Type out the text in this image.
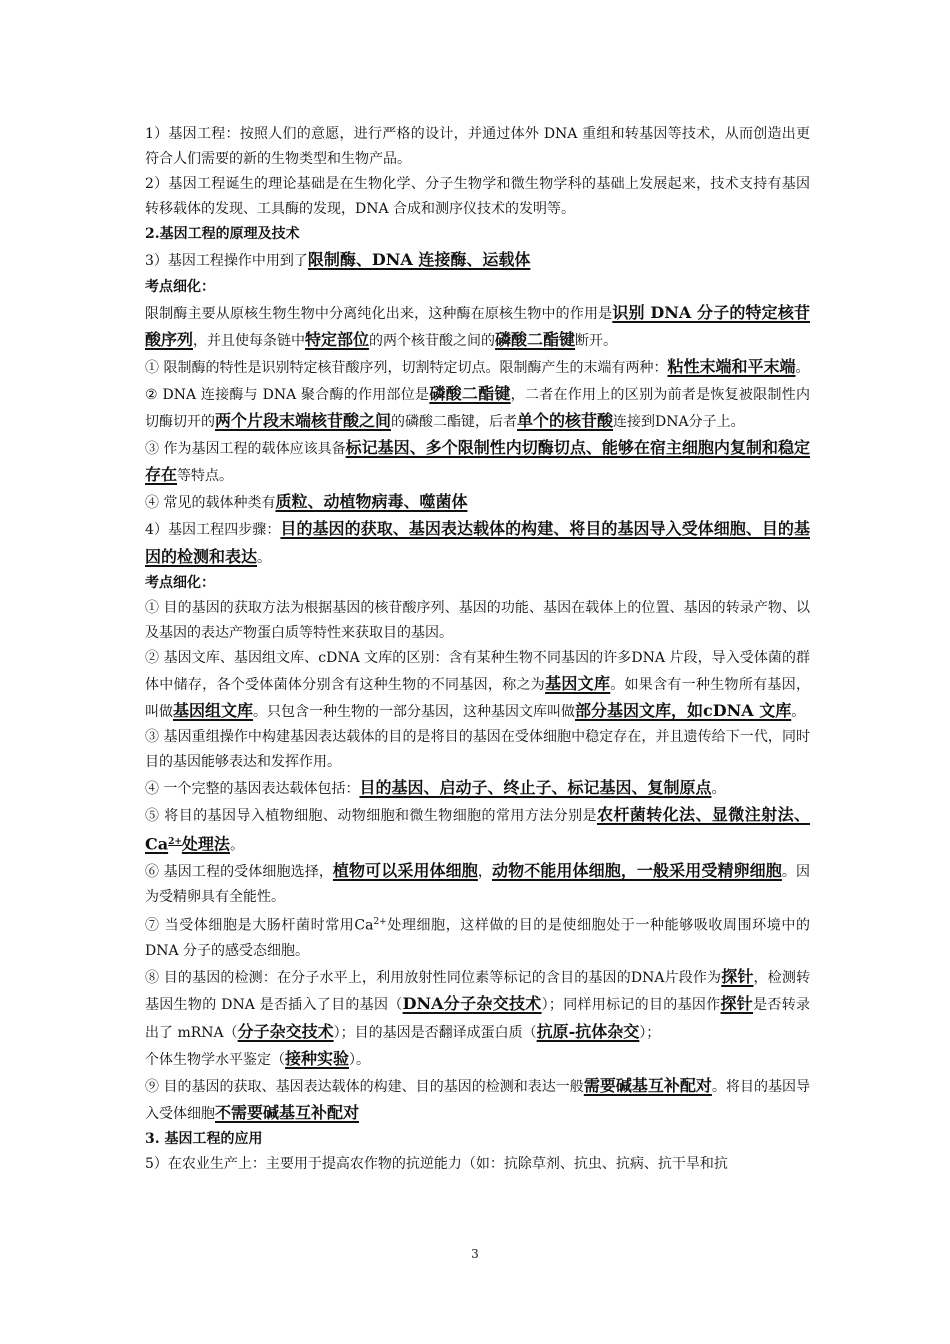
1）基因工程：按照人们的意愿，进行严格的设计，并通过体外 DNA 重组和转基因等技术，从而创造出更符合人们需要的新的生物类型和生物产品。

2）基因工程诞生的理论基础是在生物化学、分子生物学和微生物学科的基础上发展起来，技术支持有基因转移载体的发现、工具酶的发现，DNA 合成和测序仪技术的发明等。

2.基因工程的原理及技术

3）基因工程操作中用到了限制酶、DNA 连接酶、运载体

考点细化：

限制酶主要从原核生物生物中分离纯化出来，这种酶在原核生物中的作用是识别 DNA 分子的特定核苷酸序列，并且使每条链中特定部位的两个核苷酸之间的磷酸二酯键断开。

① 限制酶的特性是识别特定核苷酸序列，切割特定切点。限制酶产生的末端有两种：粘性末端和平末端。

② DNA 连接酶与 DNA 聚合酶的作用部位是磷酸二酯键，二者在作用上的区别为前者是恢复被限制性内切酶切开的两个片段末端核苷酸之间的磷酸二酯键，后者单个的核苷酸连接到DNA分子上。

③ 作为基因工程的载体应该具备标记基因、多个限制性内切酶切点、能够在宿主细胞内复制和稳定存在等特点。

④ 常见的载体种类有质粒、动植物病毒、噬菌体

4）基因工程四步骤：目的基因的获取、基因表达载体的构建、将目的基因导入受体细胞、目的基因的检测和表达。

考点细化：

① 目的基因的获取方法为根据基因的核苷酸序列、基因的功能、基因在载体上的位置、基因的转录产物、以及基因的表达产物蛋白质等特性来获取目的基因。

② 基因文库、基因组文库、cDNA 文库的区别：含有某种生物不同基因的许多DNA 片段，导入受体菌的群体中储存，各个受体菌体分别含有这种生物的不同基因，称之为基因文库。如果含有一种生物所有基因，叫做基因组文库。只包含一种生物的一部分基因，这种基因文库叫做部分基因文库，如cDNA 文库。

③ 基因重组操作中构建基因表达载体的目的是将目的基因在受体细胞中稳定存在，并且遗传给下一代，同时目的基因能够表达和发挥作用。

④ 一个完整的基因表达载体包括：目的基因、启动子、终止子、标记基因、复制原点。

⑤ 将目的基因导入植物细胞、动物细胞和微生物细胞的常用方法分别是农杆菌转化法、显微注射法、$Ca^{2+}$处理法。

⑥ 基因工程的受体细胞选择，植物可以采用体细胞，动物不能用体细胞，一般采用受精卵细胞。因为受精卵具有全能性。

⑦ 当受体细胞是大肠杆菌时常用$Ca^{2+}$处理细胞，这样做的目的是使细胞处于一种能够吸收周围环境中的DNA 分子的感受态细胞。

⑧ 目的基因的检测：在分子水平上，利用放射性同位素等标记的含目的基因的DNA片段作为探针，检测转基因生物的 DNA 是否插入了目的基因（DNA分子杂交技术）；同样用标记的目的基因作探针是否转录出了 mRNA（分子杂交技术）；目的基因是否翻译成蛋白质（抗原-抗体杂交）；

个体生物学水平鉴定（接种实验）。

⑨ 目的基因的获取、基因表达载体的构建、目的基因的检测和表达一般需要碱基互补配对。将目的基因导入受体细胞不需要碱基互补配对

3. 基因工程的应用

5）在农业生产上：主要用于提高农作物的抗逆能力（如：抗除草剂、抗虫、抗病、抗干旱和抗

3
